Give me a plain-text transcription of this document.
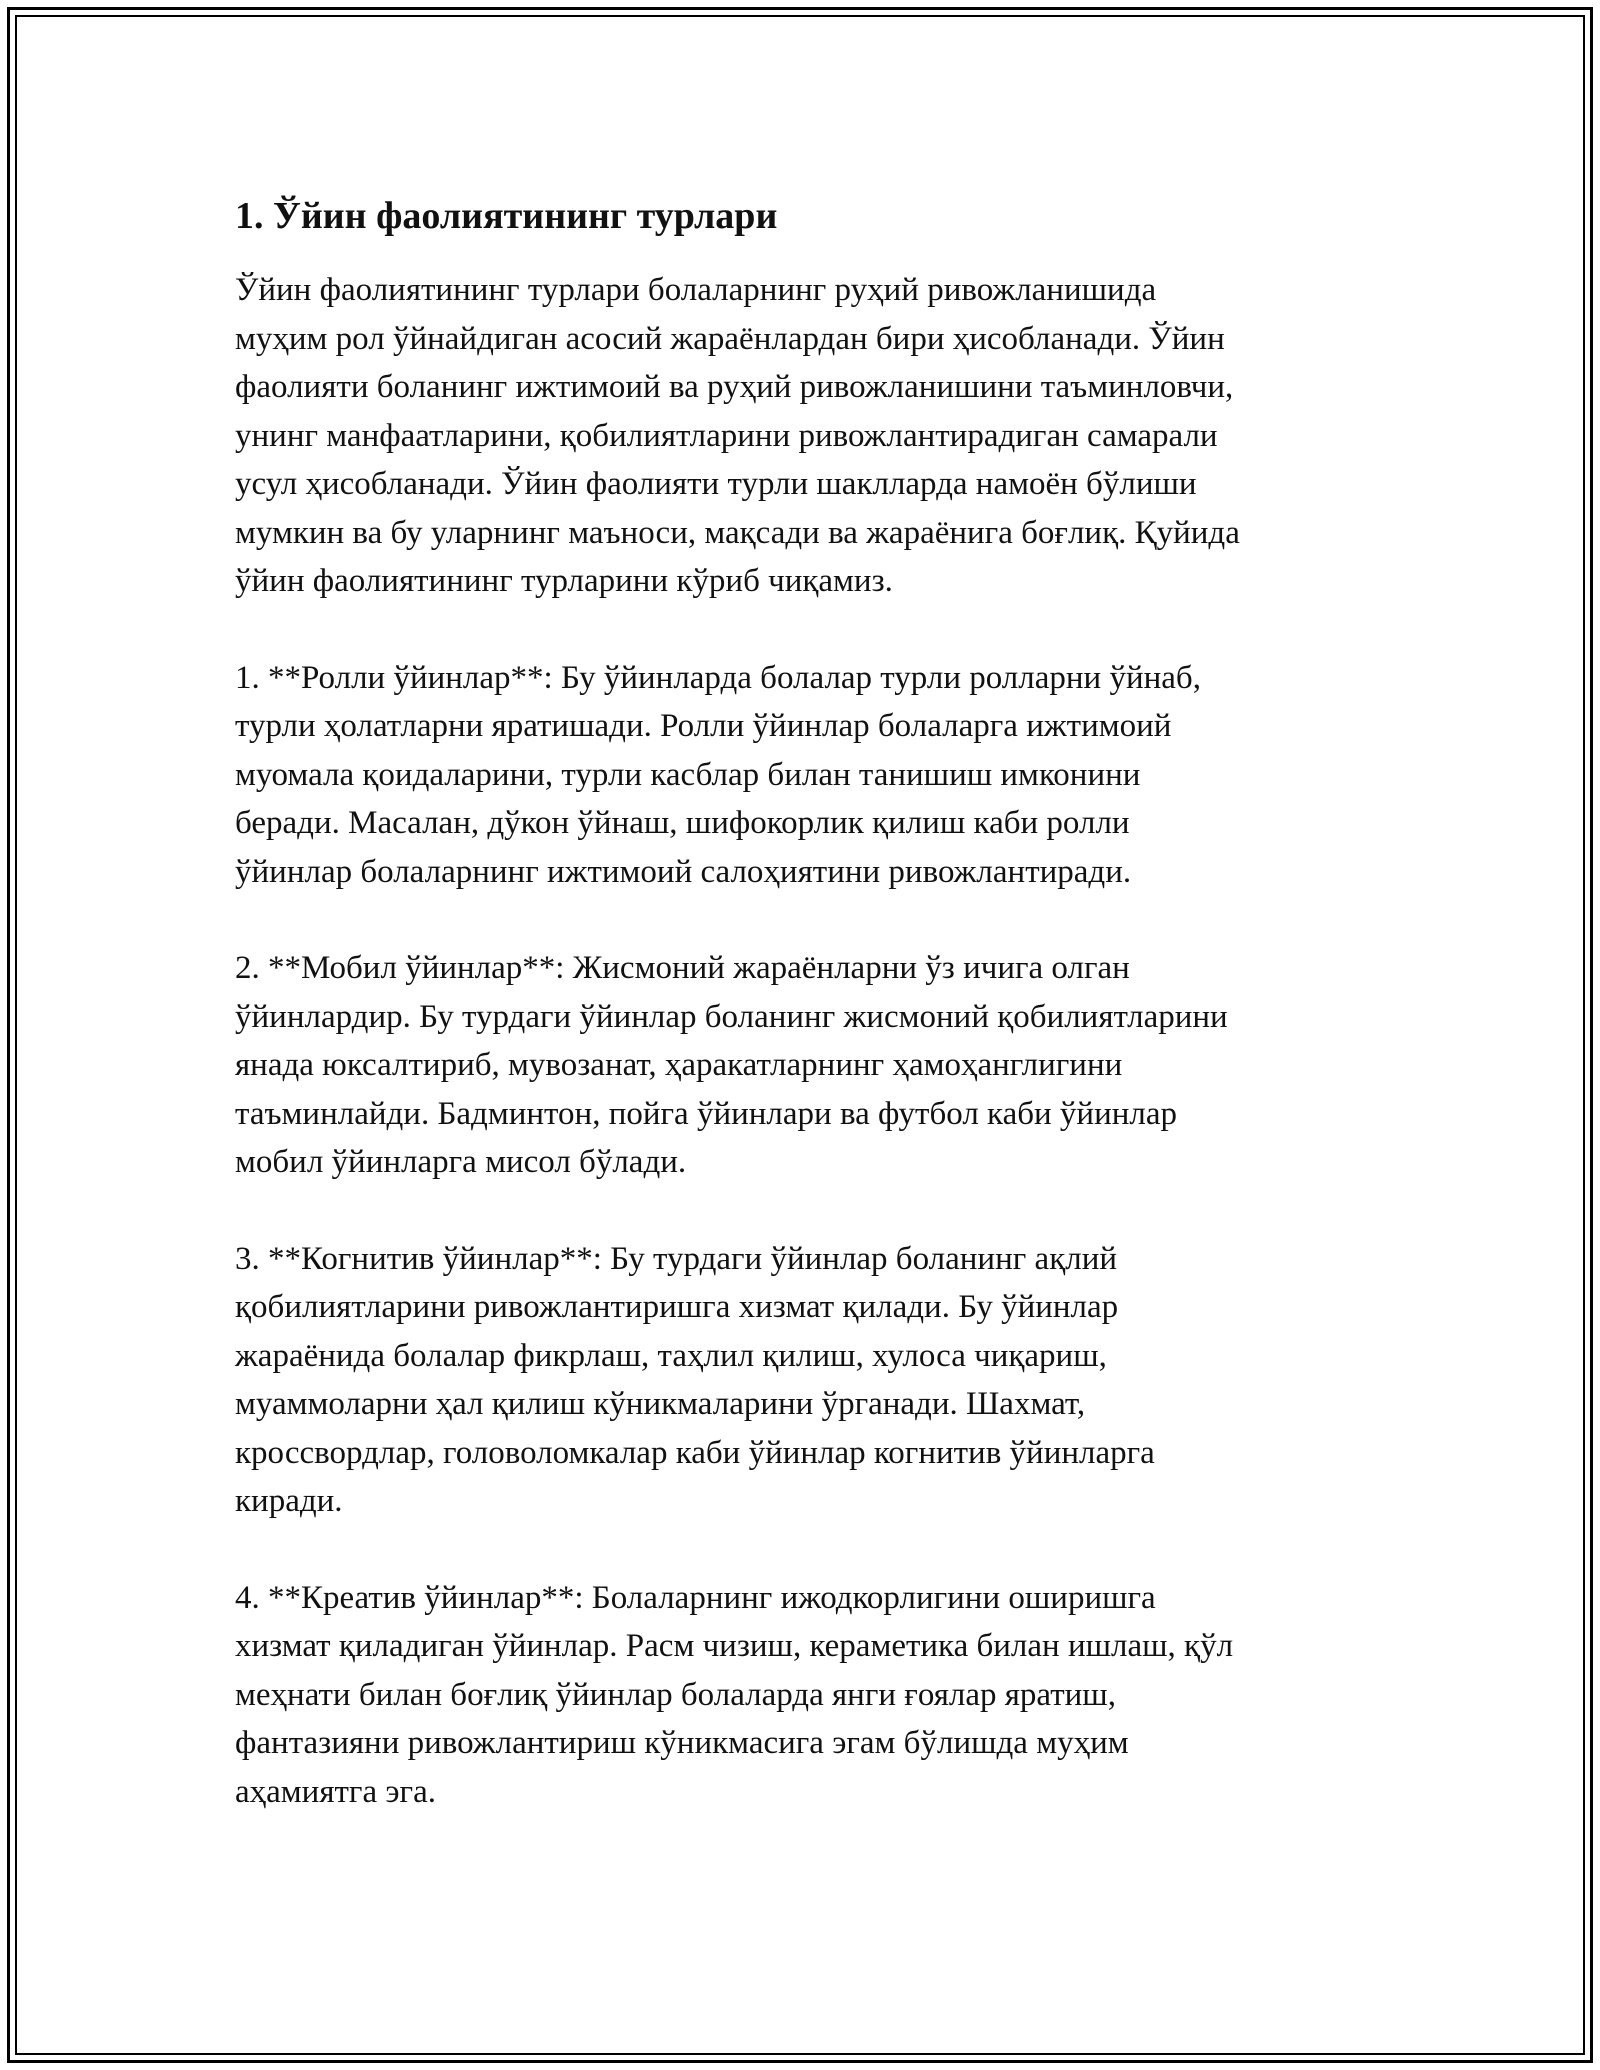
1. Ўйин фаолиятининг турлари

Ўйин фаолиятининг турлари болаларнинг руҳий ривожланишида
муҳим рол ўйнайдиган асосий жараёнлардан бири ҳисобланади. Ўйин
фаолияти боланинг ижтимоий ва руҳий ривожланишини таъминловчи,
унинг манфаатларини, қобилиятларини ривожлантирадиган самарали
усул ҳисобланади. Ўйин фаолияти турли шаклларда намоён бўлиши
мумкин ва бу уларнинг маъноси, мақсади ва жараёнига боғлиқ. Қуйида
ўйин фаолиятининг турларини кўриб чиқамиз.

1. **Ролли ўйинлар**: Бу ўйинларда болалар турли ролларни ўйнаб,
турли ҳолатларни яратишади. Ролли ўйинлар болаларга ижтимоий
муомала қоидаларини, турли касблар билан танишиш имконини
беради. Масалан, дўкон ўйнаш, шифокорлик қилиш каби ролли
ўйинлар болаларнинг ижтимоий салоҳиятини ривожлантиради.

2. **Мобил ўйинлар**: Жисмоний жараёнларни ўз ичига олган
ўйинлардир. Бу турдаги ўйинлар боланинг жисмоний қобилиятларини
янада юксалтириб, мувозанат, ҳаракатларнинг ҳамоҳанглигини
таъминлайди. Бадминтон, пойга ўйинлари ва футбол каби ўйинлар
мобил ўйинларга мисол бўлади.

3. **Когнитив ўйинлар**: Бу турдаги ўйинлар боланинг ақлий
қобилиятларини ривожлантиришга хизмат қилади. Бу ўйинлар
жараёнида болалар фикрлаш, таҳлил қилиш, хулоса чиқариш,
муаммоларни ҳал қилиш кўникмаларини ўрганади. Шахмат,
кроссвордлар, головоломкалар каби ўйинлар когнитив ўйинларга
киради.

4. **Креатив ўйинлар**: Болаларнинг ижодкорлигини оширишга
хизмат қиладиган ўйинлар. Расм чизиш, кераметика билан ишлаш, қўл
меҳнати билан боғлиқ ўйинлар болаларда янги ғоялар яратиш,
фантазияни ривожлантириш кўникмасига эгам бўлишда муҳим
аҳамиятга эга.
